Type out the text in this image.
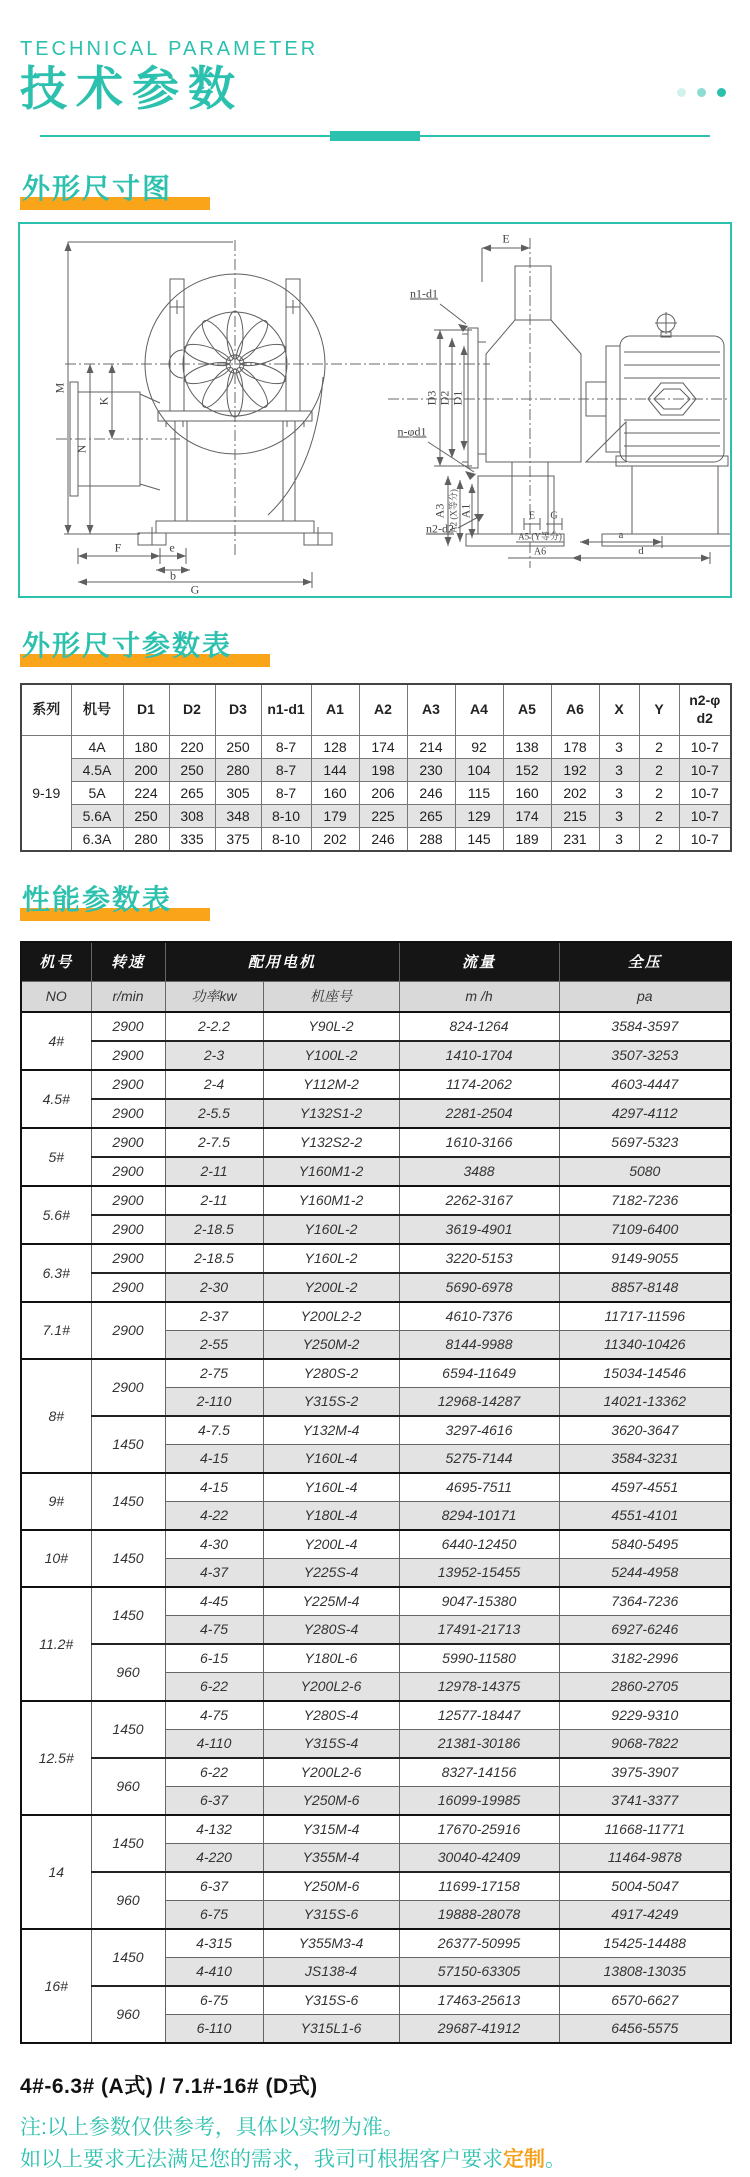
TECHNICAL PARAMETER
技术参数
外形尺寸图
M
K
N
F	e
b
G
E
n1-d1
D3 D2 D1
n-φd1
A3 A2 (X等分) A1
n2-d2
E G
A5 (Y等分)
A6
a
d
外形尺寸参数表
系列	机号	D1	D2	D3	n1-d1	A1	A2	A3	A4	A5	A6	X	Y	n2-φ d2
9-19	4A	180	220	250	8-7	128	174	214	92	138	178	3	2	10-7
	4.5A	200	250	280	8-7	144	198	230	104	152	192	3	2	10-7
	5A	224	265	305	8-7	160	206	246	115	160	202	3	2	10-7
	5.6A	250	308	348	8-10	179	225	265	129	174	215	3	2	10-7
	6.3A	280	335	375	8-10	202	246	288	145	189	231	3	2	10-7
性能参数表
机号	转速	配用电机		流量	全压
NO	r/min	功率kw	机座号	m /h	pa
4#	2900	2-2.2	Y90L-2	824-1264	3584-3597
	2900	2-3	Y100L-2	1410-1704	3507-3253
4.5#	2900	2-4	Y112M-2	1174-2062	4603-4447
	2900	2-5.5	Y132S1-2	2281-2504	4297-4112
5#	2900	2-7.5	Y132S2-2	1610-3166	5697-5323
	2900	2-11	Y160M1-2	3488	5080
5.6#	2900	2-11	Y160M1-2	2262-3167	7182-7236
	2900	2-18.5	Y160L-2	3619-4901	7109-6400
6.3#	2900	2-18.5	Y160L-2	3220-5153	9149-9055
	2900	2-30	Y200L-2	5690-6978	8857-8148
7.1#	2900	2-37	Y200L2-2	4610-7376	11717-11596
		2-55	Y250M-2	8144-9988	11340-10426
8#	2900	2-75	Y280S-2	6594-11649	15034-14546
		2-110	Y315S-2	12968-14287	14021-13362
	1450	4-7.5	Y132M-4	3297-4616	3620-3647
		4-15	Y160L-4	5275-7144	3584-3231
9#	1450	4-15	Y160L-4	4695-7511	4597-4551
		4-22	Y180L-4	8294-10171	4551-4101
10#	1450	4-30	Y200L-4	6440-12450	5840-5495
		4-37	Y225S-4	13952-15455	5244-4958
11.2#	1450	4-45	Y225M-4	9047-15380	7364-7236
		4-75	Y280S-4	17491-21713	6927-6246
	960	6-15	Y180L-6	5990-11580	3182-2996
		6-22	Y200L2-6	12978-14375	2860-2705
12.5#	1450	4-75	Y280S-4	12577-18447	9229-9310
		4-110	Y315S-4	21381-30186	9068-7822
	960	6-22	Y200L2-6	8327-14156	3975-3907
		6-37	Y250M-6	16099-19985	3741-3377
14	1450	4-132	Y315M-4	17670-25916	11668-11771
		4-220	Y355M-4	30040-42409	11464-9878
	960	6-37	Y250M-6	11699-17158	5004-5047
		6-75	Y315S-6	19888-28078	4917-4249
16#	1450	4-315	Y355M3-4	26377-50995	15425-14488
		4-410	JS138-4	57150-63305	13808-13035
	960	6-75	Y315S-6	17463-25613	6570-6627
		6-110	Y315L1-6	29687-41912	6456-5575
4#-6.3# (A式) / 7.1#-16# (D式)
注:以上参数仅供参考，具体以实物为准。
如以上要求无法满足您的需求，我司可根据客户要求定制。
